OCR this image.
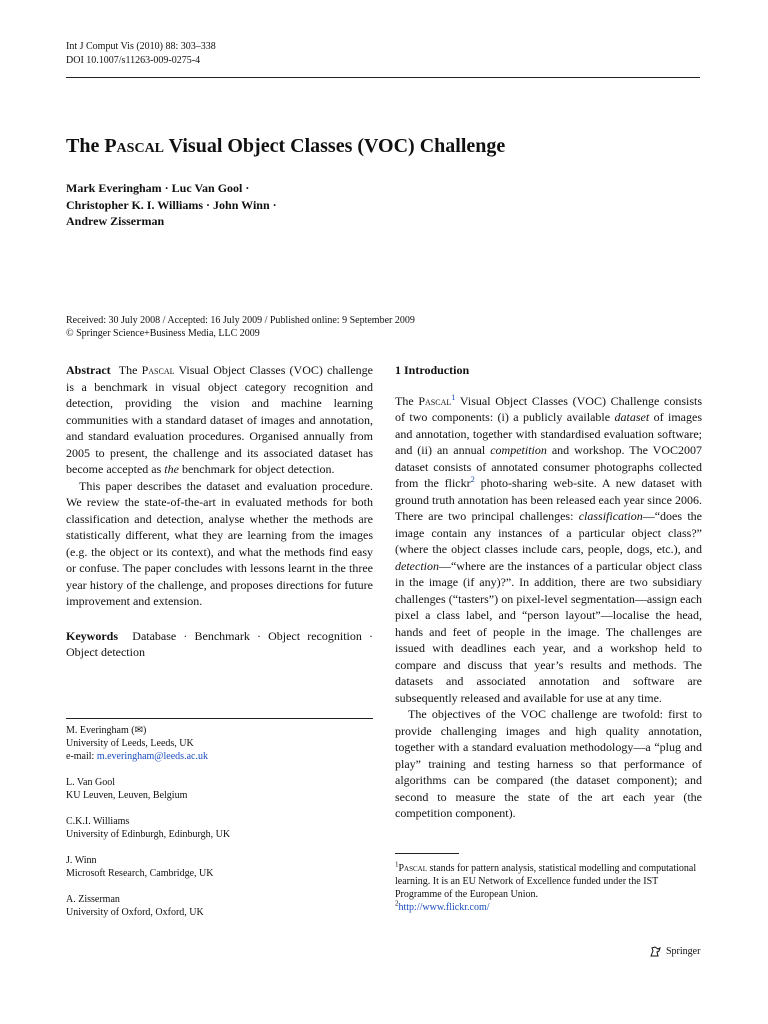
Int J Comput Vis (2010) 88: 303–338
DOI 10.1007/s11263-009-0275-4
The Pascal Visual Object Classes (VOC) Challenge
Mark Everingham · Luc Van Gool ·
Christopher K. I. Williams · John Winn ·
Andrew Zisserman
Received: 30 July 2008 / Accepted: 16 July 2009 / Published online: 9 September 2009
© Springer Science+Business Media, LLC 2009

Abstract The Pascal Visual Object Classes (VOC) challenge is a benchmark in visual object category recognition and detection, providing the vision and machine learning communities with a standard dataset of images and annotation, and standard evaluation procedures. Organised annually from 2005 to present, the challenge and its associated dataset has become accepted as the benchmark for object detection.

This paper describes the dataset and evaluation procedure. We review the state-of-the-art in evaluated methods for both classification and detection, analyse whether the methods are statistically different, what they are learning from the images (e.g. the object or its context), and what the methods find easy or confuse. The paper concludes with lessons learnt in the three year history of the challenge, and proposes directions for future improvement and extension.

Keywords Database · Benchmark · Object recognition · Object detection

M. Everingham (✉)
University of Leeds, Leeds, UK
e-mail: m.everingham@leeds.ac.uk
L. Van Gool
KU Leuven, Leuven, Belgium
C.K.I. Williams
University of Edinburgh, Edinburgh, UK
J. Winn
Microsoft Research, Cambridge, UK
A. Zisserman
University of Oxford, Oxford, UK

1 Introduction

The Pascal$^1$ Visual Object Classes (VOC) Challenge consists of two components: (i) a publicly available dataset of images and annotation, together with standardised evaluation software; and (ii) an annual competition and workshop. The VOC2007 dataset consists of annotated consumer photographs collected from the flickr$^2$ photo-sharing web-site. A new dataset with ground truth annotation has been released each year since 2006. There are two principal challenges: classification—“does the image contain any instances of a particular object class?” (where the object classes include cars, people, dogs, etc.), and detection—“where are the instances of a particular object class in the image (if any)?”. In addition, there are two subsidiary challenges (“tasters”) on pixel-level segmentation—assign each pixel a class label, and “person layout”—localise the head, hands and feet of people in the image. The challenges are issued with deadlines each year, and a workshop held to compare and discuss that year’s results and methods. The datasets and associated annotation and software are subsequently released and available for use at any time.

The objectives of the VOC challenge are twofold: first to provide challenging images and high quality annotation, together with a standard evaluation methodology—a “plug and play” training and testing harness so that performance of algorithms can be compared (the dataset component); and second to measure the state of the art each year (the competition component).

$^1$Pascal stands for pattern analysis, statistical modelling and computational learning. It is an EU Network of Excellence funded under the IST Programme of the European Union.

$^2$http://www.flickr.com/

Springer
